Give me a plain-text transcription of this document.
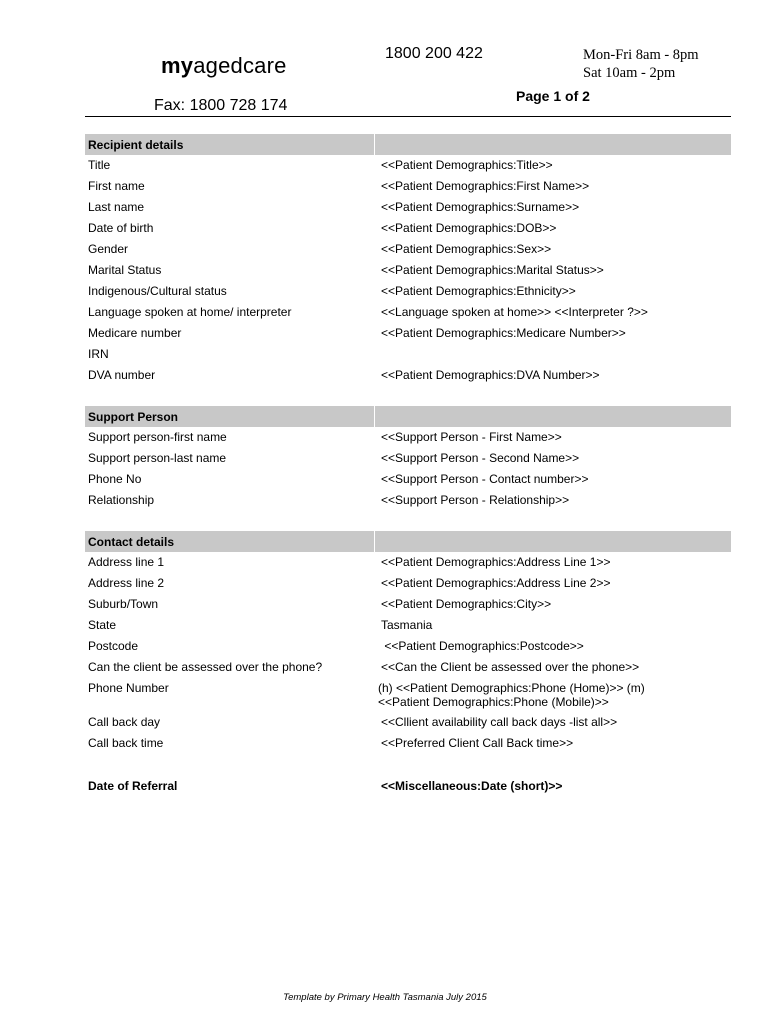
myagedcare	1800 200 422	Mon-Fri 8am - 8pm
Sat 10am - 2pm
Page 1 of 2
Fax: 1800 728 174
Recipient details
Title	<<Patient Demographics:Title>>
First name	<<Patient Demographics:First Name>>
Last name	<<Patient Demographics:Surname>>
Date of birth	<<Patient Demographics:DOB>>
Gender	<<Patient Demographics:Sex>>
Marital Status	<<Patient Demographics:Marital Status>>
Indigenous/Cultural status	<<Patient Demographics:Ethnicity>>
Language spoken at home/ interpreter	<<Language spoken at home>> <<Interpreter ?>>
Medicare number	<<Patient Demographics:Medicare Number>>
IRN
DVA number	<<Patient Demographics:DVA Number>>
Support Person
Support person-first name	<<Support Person - First Name>>
Support person-last name	<<Support Person - Second Name>>
Phone No	<<Support Person - Contact number>>
Relationship	<<Support Person - Relationship>>
Contact details
Address line 1	<<Patient Demographics:Address Line 1>>
Address line 2	<<Patient Demographics:Address Line 2>>
Suburb/Town	<<Patient Demographics:City>>
State	Tasmania
Postcode	<<Patient Demographics:Postcode>>
Can the client be assessed over the phone?	<<Can the Client be assessed over the phone>>
Phone Number	(h) <<Patient Demographics:Phone (Home)>> (m) <<Patient Demographics:Phone (Mobile)>>
Call back day	<<Cllient availability call back days -list all>>
Call back time	<<Preferred Client Call Back time>>
Date of Referral	<<Miscellaneous:Date (short)>>
Template by Primary Health Tasmania July 2015
